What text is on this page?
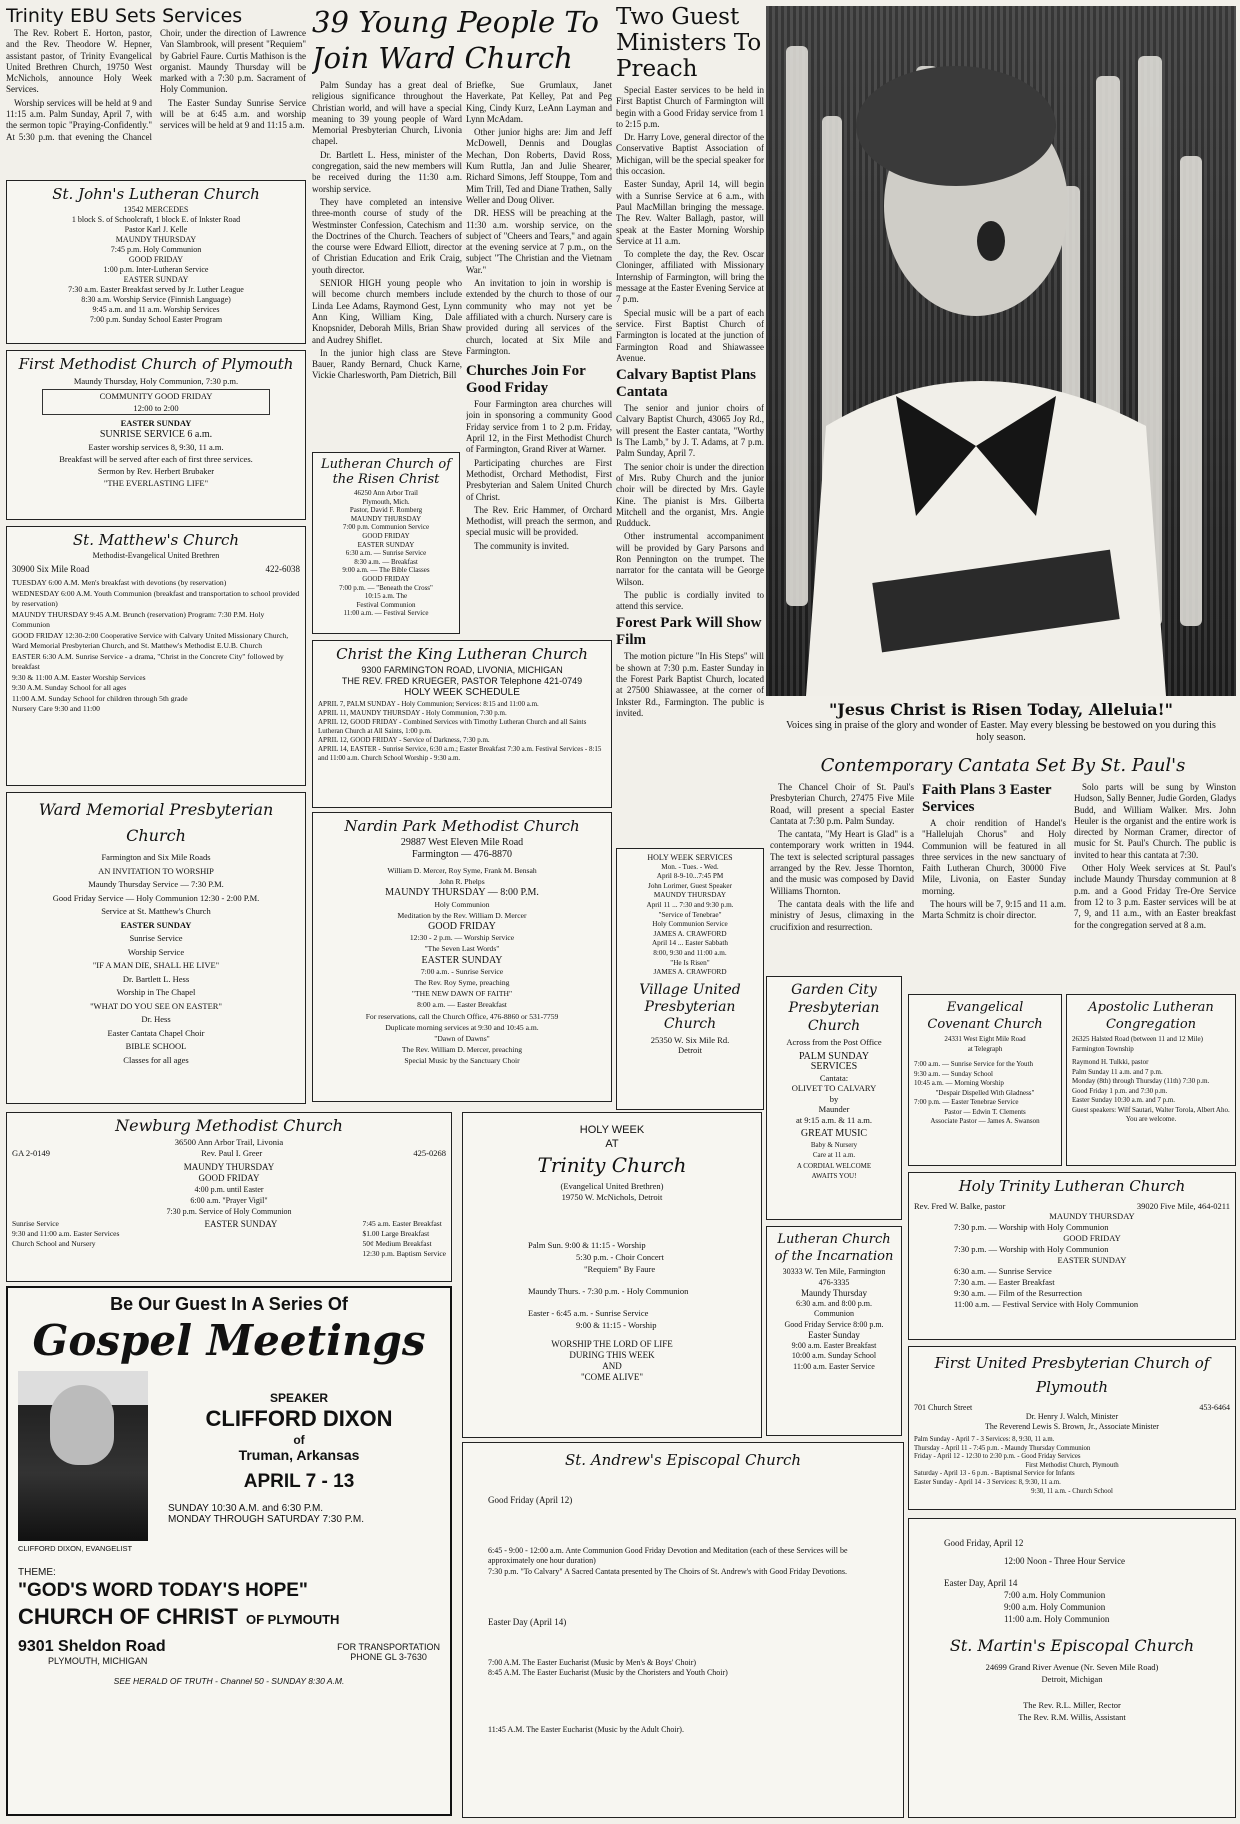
Trinity EBU Sets Services

The Rev. Robert E. Horton, pastor, and the Rev. Theodore W. Hepner, assistant pastor, of Trinity Evangelical United Brethren Church, 19750 West McNichols, announce Holy Week Services.

Worship services will be held at 9 and 11:15 a.m. Palm Sunday, April 7, with the sermon topic "Praying-Confidently." At 5:30 p.m. that evening the Chancel Choir, under the direction of Lawrence Van Slambrook, will present "Requiem" by Gabriel Faure. Curtis Mathison is the organist. Maundy Thursday will be marked with a 7:30 p.m. Sacrament of Holy Communion.

The Easter Sunday Sunrise Service will be at 6:45 a.m. and worship services will be held at 9 and 11:15 a.m.

St. John's Lutheran Church
13542 MERCEDES
1 block S. of Schoolcraft, 1 block E. of Inkster Road
Pastor Karl J. Kelle
MAUNDY THURSDAY
7:45 p.m. Holy Communion
GOOD FRIDAY
1:00 p.m. Inter-Lutheran Service
EASTER SUNDAY
7:30 a.m. Easter Breakfast served by Jr. Luther League
8:30 a.m. Worship Service (Finnish Language)
9:45 a.m. and 11 a.m. Worship Services
7:00 p.m. Sunday School Easter Program
First Methodist Church of Plymouth
Maundy Thursday, Holy Communion, 7:30 p.m.
COMMUNITY GOOD FRIDAY
12:00 to 2:00
EASTER SUNDAY
SUNRISE SERVICE 6 a.m.
Easter worship services 8, 9:30, 11 a.m.
Breakfast will be served after each of first three services.
Sermon by Rev. Herbert Brubaker
"THE EVERLASTING LIFE"
St. Matthew's Church
Methodist-Evangelical United Brethren
30900 Six Mile Road	422-6038
TUESDAY 6:00 A.M. Men's breakfast with devotions (by reservation)
WEDNESDAY 6:00 A.M. Youth Communion (breakfast and transportation to school provided by reservation)
MAUNDY THURSDAY 9:45 A.M. Brunch (reservation) Program: 7:30 P.M. Holy Communion
GOOD FRIDAY 12:30-2:00 Cooperative Service with Calvary United Missionary Church, Ward Memorial Presbyterian Church, and St. Matthew's Methodist E.U.B. Church
EASTER 6:30 A.M. Sunrise Service - a drama, "Christ in the Concrete City" followed by breakfast
9:30 & 11:00 A.M. Easter Worship Services
9:30 A.M. Sunday School for all ages
11:00 A.M. Sunday School for children through 5th grade
Nursery Care 9:30 and 11:00
Ward Memorial Presbyterian Church
Farmington and Six Mile Roads
AN INVITATION TO WORSHIP
Maundy Thursday Service — 7:30 P.M.
Good Friday Service — Holy Communion 12:30 - 2:00 P.M.
Service at St. Matthew's Church
EASTER SUNDAY
Sunrise Service
Worship Service
"IF A MAN DIE, SHALL HE LIVE"
Dr. Bartlett L. Hess
Worship in The Chapel
"WHAT DO YOU SEE ON EASTER"
Dr. Hess
Easter Cantata Chapel Choir
BIBLE SCHOOL
Classes for all ages
Newburg Methodist Church
36500 Ann Arbor Trail, Livonia
GA 2-0149	Rev. Paul I. Greer	425-0268
MAUNDY THURSDAY
GOOD FRIDAY
4:00 p.m. until Easter
6:00 a.m. "Prayer Vigil"
7:30 p.m. Service of Holy Communion
Sunrise Service
9:30 and 11:00 a.m. Easter Services
Church School and Nursery
EASTER SUNDAY	7:45 a.m. Easter Breakfast
$1.00 Large Breakfast
50¢ Medium Breakfast
12:30 p.m. Baptism Service
Be Our Guest In A Series Of
Gospel Meetings
CLIFFORD DIXON, EVANGELIST
SPEAKER
CLIFFORD DIXON
of
Truman, Arkansas
APRIL 7 - 13
SUNDAY 10:30 A.M. and 6:30 P.M.
MONDAY THROUGH SATURDAY 7:30 P.M.
THEME:
"GOD'S WORD TODAY'S HOPE"
CHURCH OF CHRIST OF PLYMOUTH
9301 Sheldon Road
PLYMOUTH, MICHIGAN
FOR TRANSPORTATION
PHONE GL 3-7630
SEE HERALD OF TRUTH - Channel 50 - SUNDAY 8:30 A.M.

Palm Sunday has a great deal of religious significance throughout the Christian world, and will have a special meaning to 39 young people of Ward Memorial Presbyterian Church, Livonia chapel.

Dr. Bartlett L. Hess, minister of the congregation, said the new members will be received during the 11:30 a.m. worship service.

They have completed an intensive three-month course of study of the Westminster Confession, Catechism and the Doctrines of the Church. Teachers of the course were Edward Elliott, director of Christian Education and Erik Craig, youth director.

SENIOR HIGH young people who will become church members include Linda Lee Adams, Raymond Gest, Lynn Ann King, William King, Dale Knopsnider, Deborah Mills, Brian Shaw and Audrey Shiflet.

In the junior high class are Steve Bauer, Randy Bernard, Chuck Karne, Vickie Charlesworth, Pam Dietrich, Bill

39 Young People To Join Ward Church

Briefke, Sue Grumlaux, Janet Haverkate, Pat Kelley, Pat and Peg King, Cindy Kurz, LeAnn Layman and Lynn McAdam.

Other junior highs are: Jim and Jeff McDowell, Dennis and Douglas Mechan, Don Roberts, David Ross, Kum Ruttla, Jan and Julie Shearer, Richard Simons, Jeff Stouppe, Tom and Mim Trill, Ted and Diane Trathen, Sally Weller and Doug Oliver.

DR. HESS will be preaching at the 11:30 a.m. worship service, on the subject of "Cheers and Tears," and again at the evening service at 7 p.m., on the subject "The Christian and the Vietnam War."

An invitation to join in worship is extended by the church to those of our community who may not yet be affiliated with a church. Nursery care is provided during all services of the church, located at Six Mile and Farmington.

Churches Join For Good Friday

Four Farmington area churches will join in sponsoring a community Good Friday service from 1 to 2 p.m. Friday, April 12, in the First Methodist Church of Farmington, Grand River at Warner.

Participating churches are First Methodist, Orchard Methodist, First Presbyterian and Salem United Church of Christ.

The Rev. Eric Hammer, of Orchard Methodist, will preach the sermon, and special music will be provided.

The community is invited.

Lutheran Church of the Risen Christ
46250 Ann Arbor Trail
Plymouth, Mich.
Pastor, David F. Romberg
MAUNDY THURSDAY
7:00 p.m. Communion Service
GOOD FRIDAY
EASTER SUNDAY
6:30 a.m. — Sunrise Service
8:30 a.m. — Breakfast
9:00 a.m. — The Bible Classes
GOOD FRIDAY
7:00 p.m. — "Beneath the Cross"
10:15 a.m. The
Festival Communion
11:00 a.m. — Festival Service
Christ the King Lutheran Church
9300 FARMINGTON ROAD, LIVONIA, MICHIGAN
THE REV. FRED KRUEGER, PASTOR Telephone 421-0749
HOLY WEEK SCHEDULE
APRIL 7, PALM SUNDAY - Holy Communion; Services: 8:15 and 11:00 a.m.
APRIL 11, MAUNDY THURSDAY - Holy Communion, 7:30 p.m.
APRIL 12, GOOD FRIDAY - Combined Services with Timothy Lutheran Church and all Saints Lutheran Church at All Saints, 1:00 p.m.
APRIL 12, GOOD FRIDAY - Service of Darkness, 7:30 p.m.
APRIL 14, EASTER - Sunrise Service, 6:30 a.m.; Easter Breakfast 7:30 a.m. Festival Services - 8:15 and 11:00 a.m. Church School Worship - 9:30 a.m.
Nardin Park Methodist Church
29887 West Eleven Mile Road
Farmington — 476-8870
William D. Mercer, Roy Syme, Frank M. Bensah
John R. Phelps
MAUNDY THURSDAY — 8:00 P.M.
Holy Communion
Meditation by the Rev. William D. Mercer
GOOD FRIDAY
12:30 - 2 p.m. — Worship Service
"The Seven Last Words"
EASTER SUNDAY
7:00 a.m. - Sunrise Service
The Rev. Roy Syme, preaching
"THE NEW DAWN OF FAITH"
8:00 a.m. — Easter Breakfast
For reservations, call the Church Office, 476-8860 or 531-7759
Duplicate morning services at 9:30 and 10:45 a.m.
"Dawn of Dawns"
The Rev. William D. Mercer, preaching
Special Music by the Sanctuary Choir
HOLY WEEK
AT
Trinity Church
(Evangelical United Brethren)
19750 W. McNichols, Detroit
Palm Sun. 9:00 & 11:15 - Worship
5:30 p.m. - Choir Concert
"Requiem" By Faure
Maundy Thurs. - 7:30 p.m. - Holy Communion
Easter - 6:45 a.m. - Sunrise Service
9:00 & 11:15 - Worship
WORSHIP THE LORD OF LIFE
DURING THIS WEEK
AND
"COME ALIVE"
St. Andrew's Episcopal Church
Good Friday (April 12)
6:45 - 9:00 - 12:00 a.m. Ante Communion Good Friday Devotion and Meditation (each of these Services will be approximately one hour duration)
7:30 p.m. "To Calvary" A Sacred Cantata presented by The Choirs of St. Andrew's with Good Friday Devotions.
Easter Day (April 14)
7:00 A.M. The Easter Eucharist (Music by Men's & Boys' Choir)
8:45 A.M. The Easter Eucharist (Music by the Choristers and Youth Choir)
11:45 A.M. The Easter Eucharist (Music by the Adult Choir).
Two Guest Ministers To Preach

Special Easter services to be held in First Baptist Church of Farmington will begin with a Good Friday service from 1 to 2:15 p.m.

Dr. Harry Love, general director of the Conservative Baptist Association of Michigan, will be the special speaker for this occasion.

Easter Sunday, April 14, will begin with a Sunrise Service at 6 a.m., with Paul MacMillan bringing the message. The Rev. Walter Ballagh, pastor, will speak at the Easter Morning Worship Service at 11 a.m.

To complete the day, the Rev. Oscar Cloninger, affiliated with Missionary Internship of Farmington, will bring the message at the Easter Evening Service at 7 p.m.

Special music will be a part of each service. First Baptist Church of Farmington is located at the junction of Farmington Road and Shiawassee Avenue.

Calvary Baptist Plans Cantata

The senior and junior choirs of Calvary Baptist Church, 43065 Joy Rd., will present the Easter cantata, "Worthy Is The Lamb," by J. T. Adams, at 7 p.m. Palm Sunday, April 7.

The senior choir is under the direction of Mrs. Ruby Church and the junior choir will be directed by Mrs. Gayle Kine. The pianist is Mrs. Gilberta Mitchell and the organist, Mrs. Angie Rudduck.

Other instrumental accompaniment will be provided by Gary Parsons and Ron Pennington on the trumpet. The narrator for the cantata will be George Wilson.

The public is cordially invited to attend this service.

Forest Park Will Show Film

The motion picture "In His Steps" will be shown at 7:30 p.m. Easter Sunday in the Forest Park Baptist Church, located at 27500 Shiawassee, at the corner of Inkster Rd., Farmington. The public is invited.

HOLY WEEK SERVICES
Mon. - Tues. - Wed.
April 8-9-10...7:45 PM
John Lorimer, Guest Speaker
MAUNDY THURSDAY
April 11 ... 7:30 and 9:30 p.m.
"Service of Tenebrae"
Holy Communion Service
JAMES A. CRAWFORD
April 14 ... Easter Sabbath
8:00, 9:30 and 11:00 a.m.
"He Is Risen"
JAMES A. CRAWFORD
Village United Presbyterian Church
25350 W. Six Mile Rd.
Detroit
"Jesus Christ is Risen Today, Alleluia!"
Voices sing in praise of the glory and wonder of Easter. May every blessing be bestowed on you during this holy season.
Contemporary Cantata Set By St. Paul's

The Chancel Choir of St. Paul's Presbyterian Church, 27475 Five Mile Road, will present a special Easter Cantata at 7:30 p.m. Palm Sunday.

The cantata, "My Heart is Glad" is a contemporary work written in 1944. The text is selected scriptural passages arranged by the Rev. Jesse Thornton, and the music was composed by David Williams Thornton.

The cantata deals with the life and ministry of Jesus, climaxing in the crucifixion and resurrection.

Faith Plans 3 Easter Services

A choir rendition of Handel's "Hallelujah Chorus" and Holy Communion will be featured in all three services in the new sanctuary of Faith Lutheran Church, 30000 Five Mile, Livonia, on Easter Sunday morning.

The hours will be 7, 9:15 and 11 a.m. Marta Schmitz is choir director.

Solo parts will be sung by Winston Hudson, Sally Benner, Judie Gorden, Gladys Budd, and William Walker. Mrs. John Heuler is the organist and the entire work is directed by Norman Cramer, director of music for St. Paul's Church. The public is invited to hear this cantata at 7:30.

Other Holy Week services at St. Paul's include Maundy Thursday communion at 8 p.m. and a Good Friday Tre-Ore Service from 12 to 3 p.m. Easter services will be at 7, 9, and 11 a.m., with an Easter breakfast for the congregation served at 8 a.m.

Garden City Presbyterian Church
Across from the Post Office
PALM SUNDAY
SERVICES
Cantata:
OLIVET TO CALVARY
by
Maunder
at 9:15 a.m. & 11 a.m.
GREAT MUSIC
Baby & Nursery
Care at 11 a.m.
A CORDIAL WELCOME
AWAITS YOU!
Lutheran Church of the Incarnation
30333 W. Ten Mile, Farmington
476-3335
Maundy Thursday
6:30 a.m. and 8:00 p.m.
Communion
Good Friday Service 8:00 p.m.
Easter Sunday
9:00 a.m. Easter Breakfast
10:00 a.m. Sunday School
11:00 a.m. Easter Service
Evangelical Covenant Church
24331 West Eight Mile Road
at Telegraph
7:00 a.m. — Sunrise Service for the Youth
9:30 a.m. — Sunday School
10:45 a.m. — Morning Worship
"Despair Dispelled With Gladness"
7:00 p.m. — Easter Tenebrae Service
Pastor — Edwin T. Clements
Associate Pastor — James A. Swanson
Apostolic Lutheran Congregation
26325 Halsted Road (between 11 and 12 Mile) Farmington Township
Raymond H. Tulkki, pastor
Palm Sunday 11 a.m. and 7 p.m.
Monday (8th) through Thursday (11th) 7:30 p.m.
Good Friday 1 p.m. and 7:30 p.m.
Easter Sunday 10:30 a.m. and 7 p.m.
Guest speakers: Wilf Sautari, Walter Torola, Albert Aho.
You are welcome.
Holy Trinity Lutheran Church
Rev. Fred W. Balke, pastor	39020 Five Mile, 464-0211
MAUNDY THURSDAY
7:30 p.m. — Worship with Holy Communion
GOOD FRIDAY
7:30 p.m. — Worship with Holy Communion
EASTER SUNDAY
6:30 a.m. — Sunrise Service
7:30 a.m. — Easter Breakfast
9:30 a.m. — Film of the Resurrection
11:00 a.m. — Festival Service with Holy Communion
First United Presbyterian Church of Plymouth
701 Church Street	453-6464
Dr. Henry J. Walch, Minister
The Reverend Lewis S. Brown, Jr., Associate Minister
Palm Sunday - April 7 - 3 Services: 8, 9:30, 11 a.m.
Thursday - April 11 - 7:45 p.m. - Maundy Thursday Communion
Friday - April 12 - 12:30 to 2:30 p.m. - Good Friday Services
First Methodist Church, Plymouth
Saturday - April 13 - 6 p.m. - Baptismal Service for Infants
Easter Sunday - April 14 - 3 Services: 8, 9:30, 11 a.m.
9:30, 11 a.m. - Church School
Good Friday, April 12
12:00 Noon - Three Hour Service
Easter Day, April 14
7:00 a.m. Holy Communion
9:00 a.m. Holy Communion
11:00 a.m. Holy Communion
St. Martin's Episcopal Church
24699 Grand River Avenue (Nr. Seven Mile Road)
Detroit, Michigan
The Rev. R.L. Miller, Rector
The Rev. R.M. Willis, Assistant
